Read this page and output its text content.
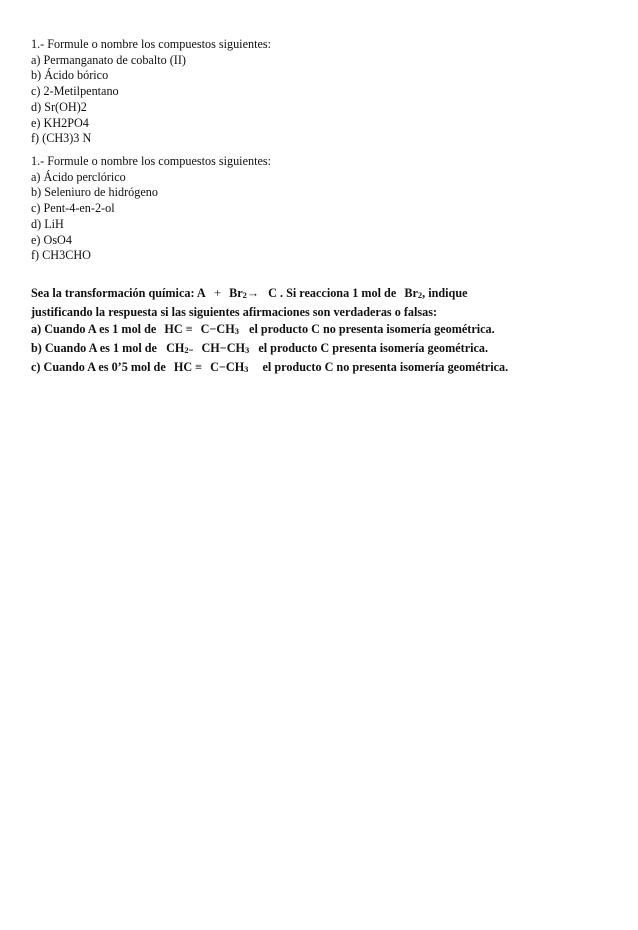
1.- Formule o nombre los compuestos siguientes:
a) Permanganato de cobalto (II)
b) Ácido bórico
c) 2-Metilpentano
d) Sr(OH)2
e) KH2PO4
f) (CH3)3 N
1.- Formule o nombre los compuestos siguientes:
a) Ácido perclórico
b) Seleniuro de hidrógeno
c) Pent-4-en-2-ol
d) LiH
e) OsO4
f) CH3CHO
Sea la transformación química: A + Br2→ C . Si reacciona 1 mol de Br2, indique
justificando la respuesta si las siguientes afirmaciones son verdaderas o falsas:
a) Cuando A es 1 mol de HC ≡ C−CH3 el producto C no presenta isomería geométrica.
b) Cuando A es 1 mol de CH2= CH−CH3 el producto C presenta isomería geométrica.
c) Cuando A es 0’5 mol de HC ≡ C−CH3 el producto C no presenta isomería geométrica.
